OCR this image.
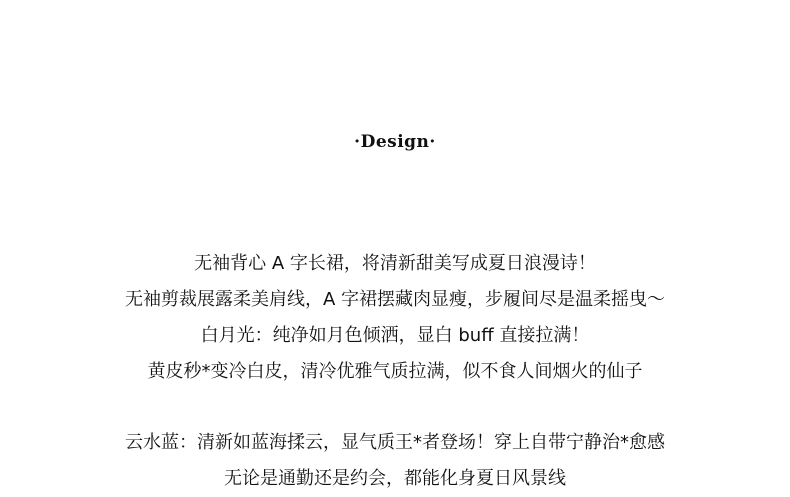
·Design·
无袖背心 A 字长裙，将清新甜美写成夏日浪漫诗！
无袖剪裁展露柔美肩线，A 字裙摆藏肉显瘦，步履间尽是温柔摇曳～
白月光：纯净如月色倾洒，显白 buff 直接拉满！
黄皮秒*变冷白皮，清冷优雅气质拉满，似不食人间烟火的仙子
云水蓝：清新如蓝海揉云，显气质王*者登场！穿上自带宁静治*愈感
无论是通勤还是约会，都能化身夏日风景线
